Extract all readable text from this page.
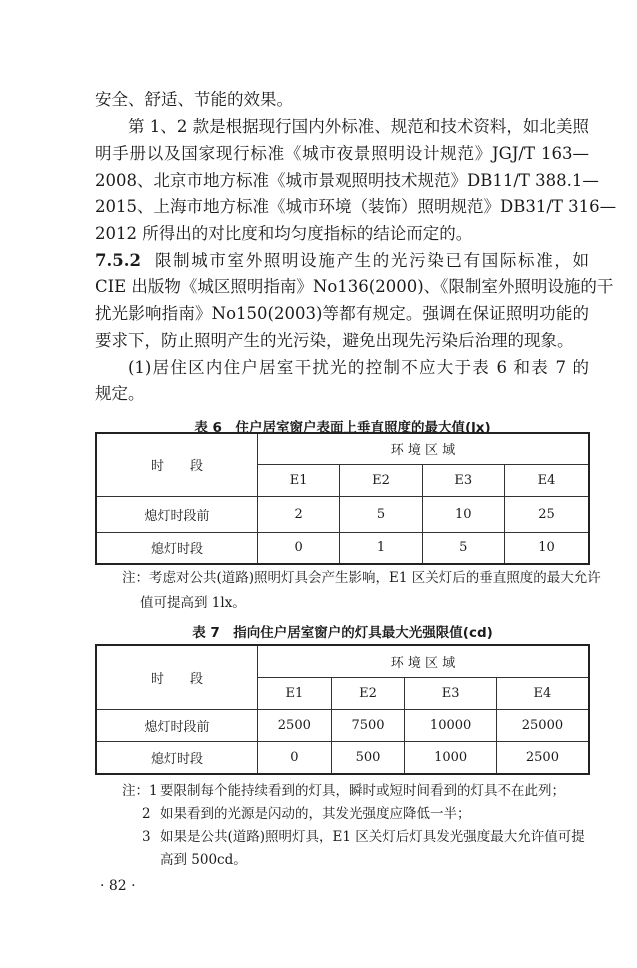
安全、舒适、节能的效果。
第 1、2 款是根据现行国内外标准、规范和技术资料，如北美照
明手册以及国家现行标准《城市夜景照明设计规范》JGJ/T 163—
2008、北京市地方标准《城市景观照明技术规范》DB11/T 388.1—
2015、上海市地方标准《城市环境（装饰）照明规范》DB31/T 316—
2012 所得出的对比度和均匀度指标的结论而定的。
7.5.2 限制城市室外照明设施产生的光污染已有国际标准，如
CIE 出版物《城区照明指南》No136(2000)、《限制室外照明设施的干
扰光影响指南》No150(2003)等都有规定。强调在保证照明功能的
要求下，防止照明产生的光污染，避免出现先污染后治理的现象。
(1)居住区内住户居室干扰光的控制不应大于表 6 和表 7 的
规定。
表 6　住户居室窗户表面上垂直照度的最大值(lx)
时　　段	环 境 区 域			
	E1	E2	E3	E4
熄灯时段前	2	5	10	25
熄灯时段	0	1	5	10
注：考虑对公共(道路)照明灯具会产生影响，E1 区关灯后的垂直照度的最大允许
值可提高到 1lx。
表 7　指向住户居室窗户的灯具最大光强限值(cd)
时　　段	环 境 区 域			
	E1	E2	E3	E4
熄灯时段前	2500	7500	10000	25000
熄灯时段	0	500	1000	2500
注：1 要限制每个能持续看到的灯具，瞬时或短时间看到的灯具不在此列；
2 如果看到的光源是闪动的，其发光强度应降低一半；
3 如果是公共(道路)照明灯具，E1 区关灯后灯具发光强度最大允许值可提
高到 500cd。
· 82 ·
